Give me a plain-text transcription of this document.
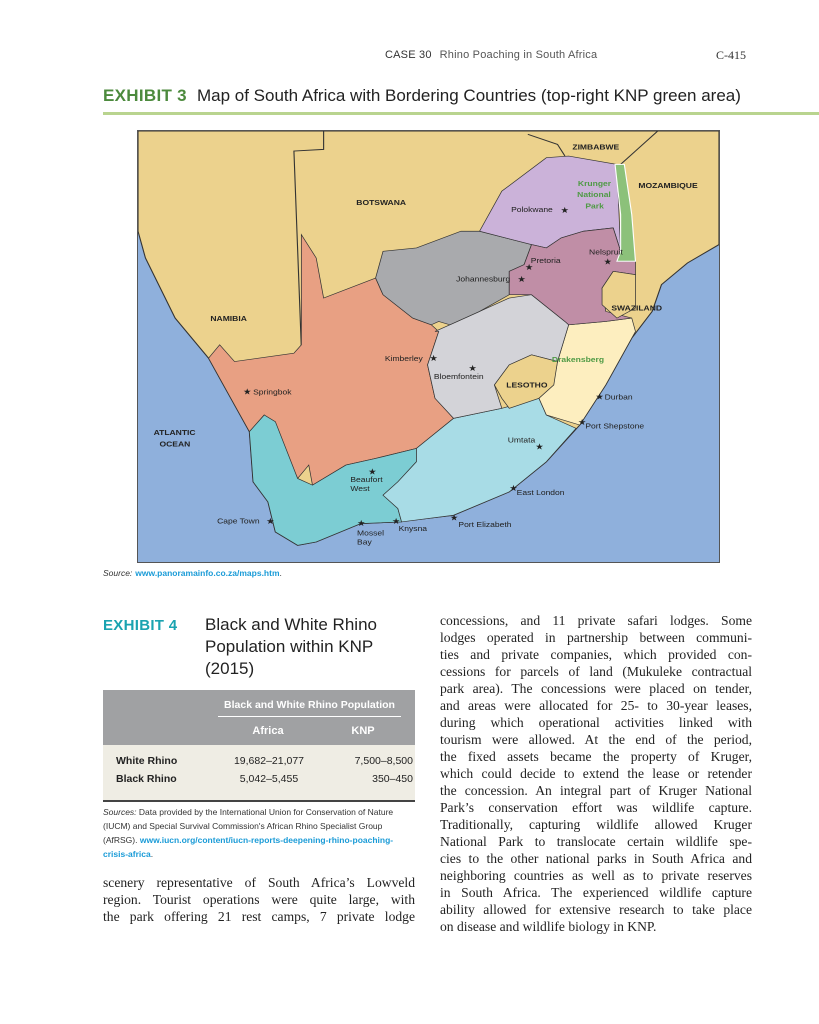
CASE 30 Rhino Poaching in South Africa	C-415
EXHIBIT 3 Map of South Africa with Bordering Countries (top-right KNP green area)
ZIMBABWE
MOZAMBIQUE
BOTSWANA
NAMIBIA
Krunger
National
Park
SWAZILAND
LESOTHO
Drakensberg
ATLANTIC
OCEAN
Polokwane ★
Nelspruit
★
Pretoria
★
Johannesburg ★
Kimberley ★
★
Bloemfontein
★ Springbok	★ Durban
★
Port Shepstone
Umtata
★
★
Beaufort
West	★
East London
Cape Town ★	★
Mossel
Bay
★
Knysna
★
Port Elizabeth
Source: www.panoramainfo.co.za/maps.htm.
EXHIBIT 4 Black and White Rhino Population within KNP (2015)
Black and White Rhino Population
Africa	KNP
White Rhino	19,682–21,077	7,500–8,500
Black Rhino	5,042–5,455	350–450
Sources: Data provided by the International Union for Conservation of Nature (IUCM) and Special Survival Commission's African Rhino Specialist Group (AfRSG). www.iucn.org/content/iucn-reports-deepening-rhino-poaching-crisis-africa.
scenery representative of South Africa’s Lowveld
region. Tourist operations were quite large, with
the park offering 21 rest camps, 7 private lodge
concessions, and 11 private safari lodges. Some
lodges operated in partnership between communi-
ties and private companies, which provided con-
cessions for parcels of land (Mukuleke contractual
park area). The concessions were placed on tender,
and areas were allocated for 25- to 30-year leases,
during which operational activities linked with
tourism were allowed. At the end of the period,
the fixed assets became the property of Kruger,
which could decide to extend the lease or retender
the concession. An integral part of Kruger National
Park’s conservation effort was wildlife capture.
Traditionally, capturing wildlife allowed Kruger
National Park to translocate certain wildlife spe-
cies to the other national parks in South Africa and
neighboring countries as well as to private reserves
in South Africa. The experienced wildlife capture
ability allowed for extensive research to take place
on disease and wildlife biology in KNP.
